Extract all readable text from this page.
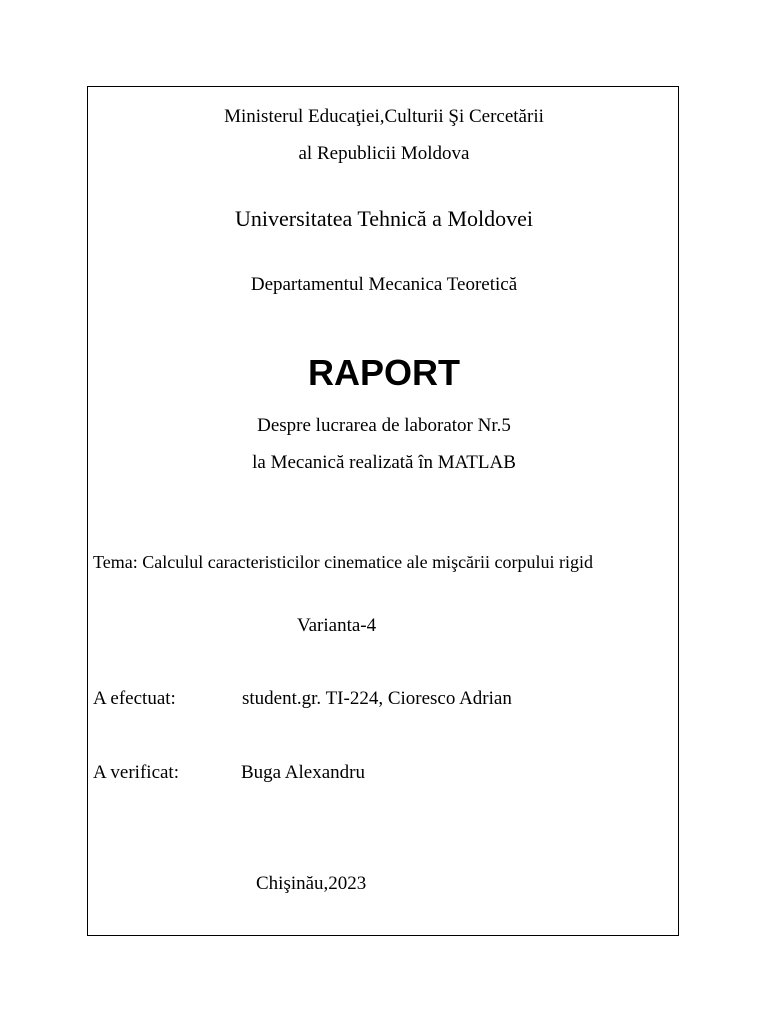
Ministerul Educaţiei,Culturii Şi Cercetării
al Republicii Moldova
Universitatea Tehnică a Moldovei
Departamentul Mecanica Teoretică
RAPORT
Despre lucrarea de laborator Nr.5
la Mecanică realizată în MATLAB
Tema: Calculul caracteristicilor cinematice ale mişcării corpului rigid
Varianta-4
A efectuat:	student.gr. TI-224, Cioresco Adrian
A verificat:	Buga Alexandru
Chişinău,2023
